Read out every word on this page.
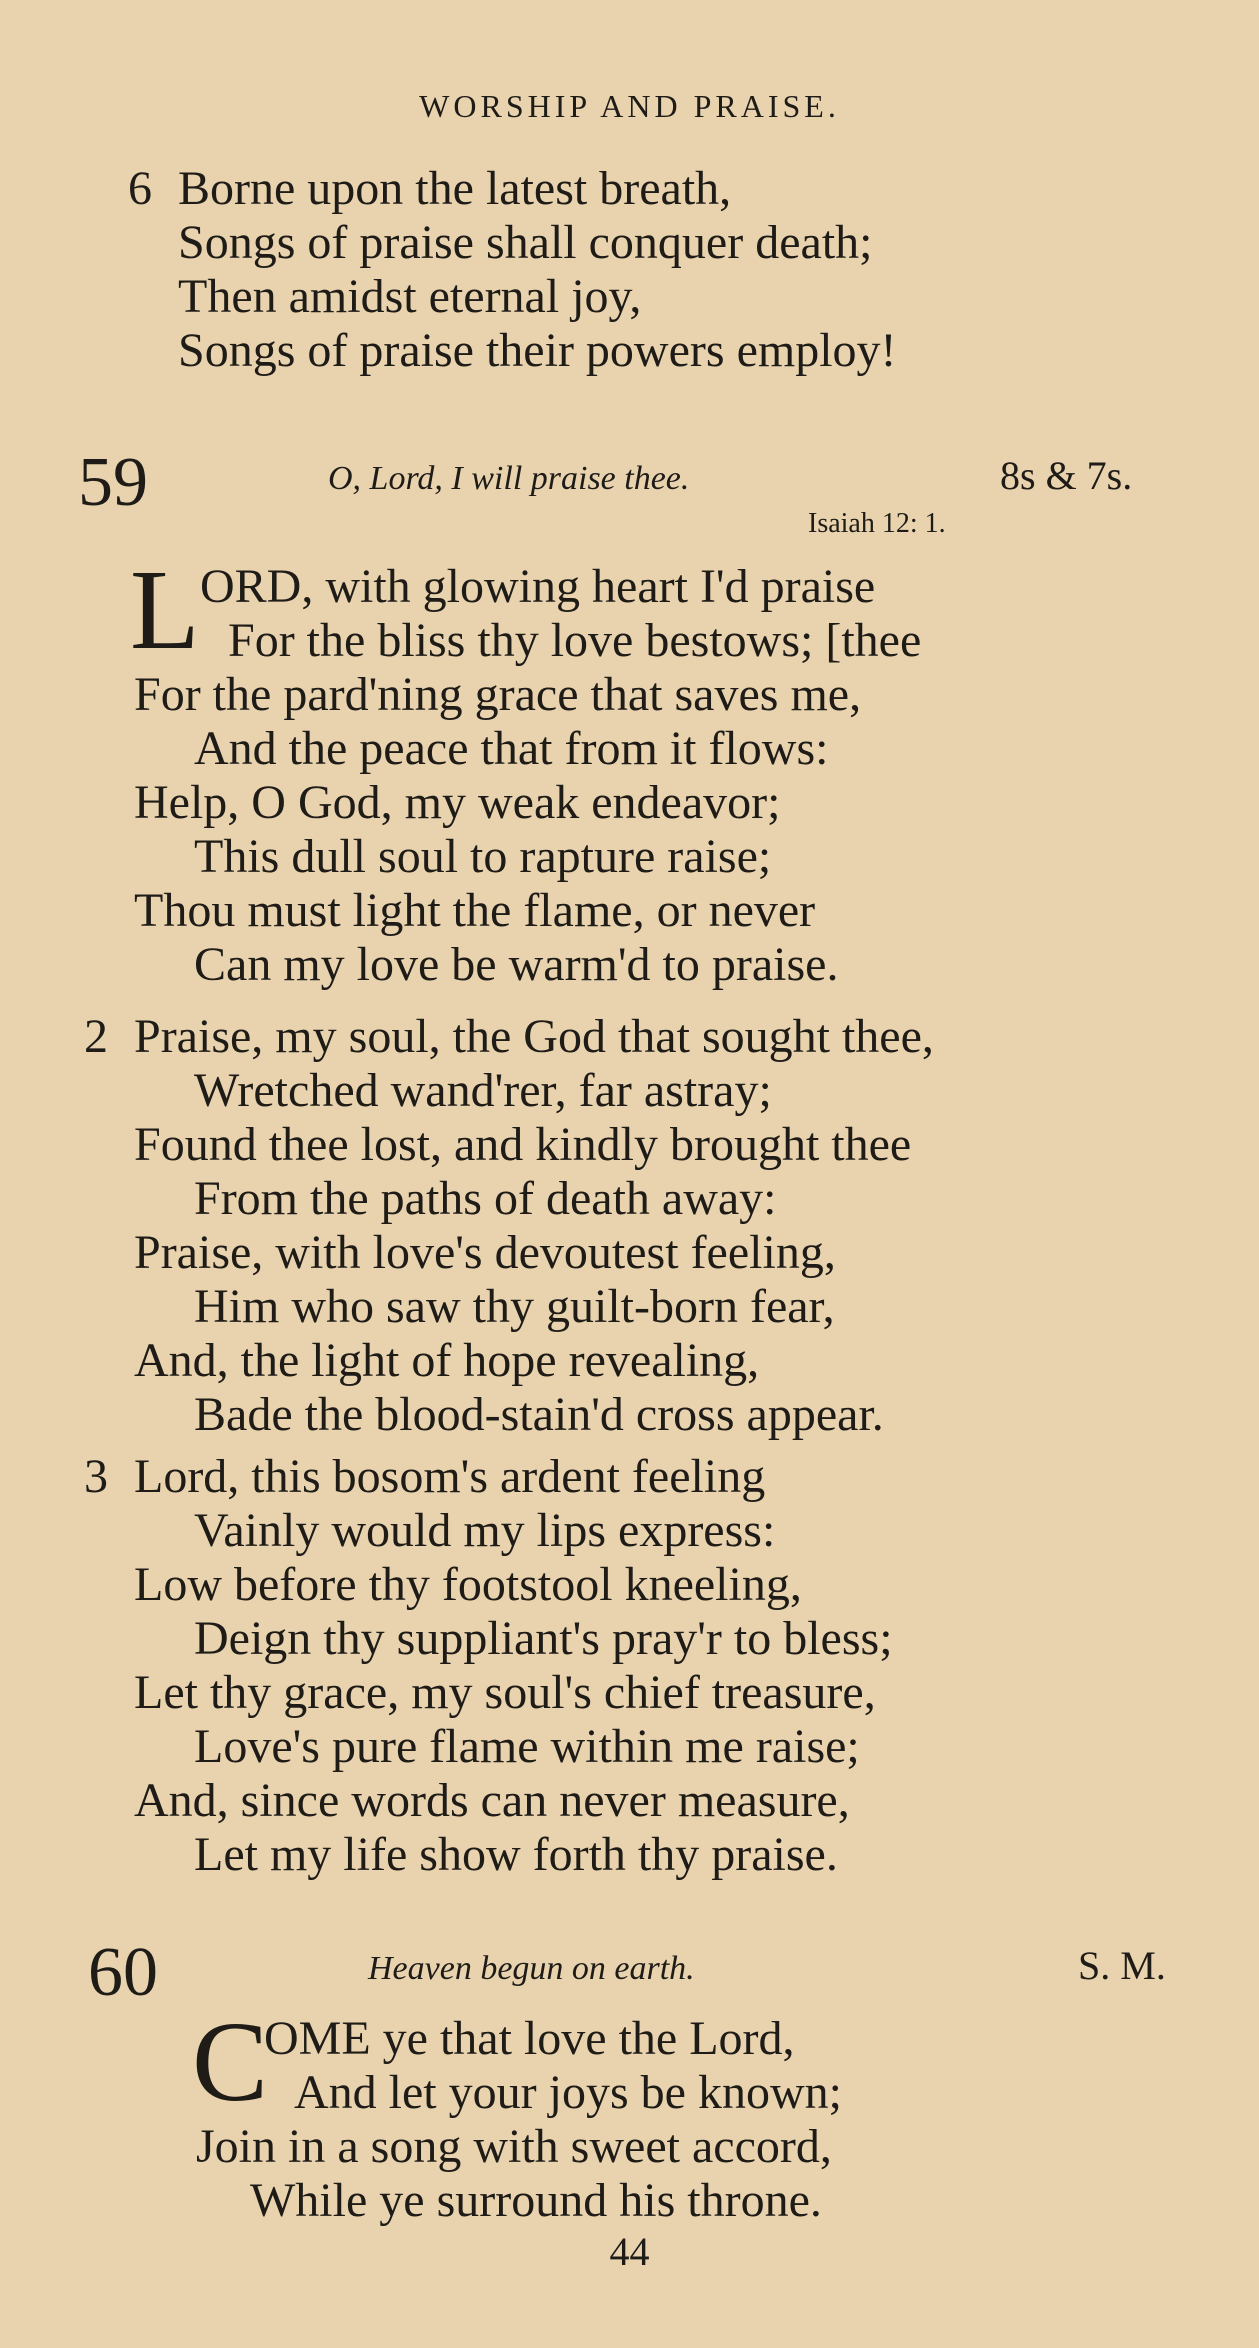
WORSHIP AND PRAISE.
6 Borne upon the latest breath,
Songs of praise shall conquer death;
Then amidst eternal joy,
Songs of praise their powers employ!
59	O, Lord, I will praise thee.	8s & 7s.
Isaiah 12: 1.
L ORD, with glowing heart I'd praise
For the bliss thy love bestows; [thee
For the pard'ning grace that saves me,
And the peace that from it flows:
Help, O God, my weak endeavor;
This dull soul to rapture raise;
Thou must light the flame, or never
Can my love be warm'd to praise.
2 Praise, my soul, the God that sought thee,
Wretched wand'rer, far astray;
Found thee lost, and kindly brought thee
From the paths of death away:
Praise, with love's devoutest feeling,
Him who saw thy guilt-born fear,
And, the light of hope revealing,
Bade the blood-stain'd cross appear.
3 Lord, this bosom's ardent feeling
Vainly would my lips express:
Low before thy footstool kneeling,
Deign thy suppliant's pray'r to bless;
Let thy grace, my soul's chief treasure,
Love's pure flame within me raise;
And, since words can never measure,
Let my life show forth thy praise.
60	Heaven begun on earth.	S. M.
C
OME ye that love the Lord,
And let your joys be known;
Join in a song with sweet accord,
While ye surround his throne.
44
